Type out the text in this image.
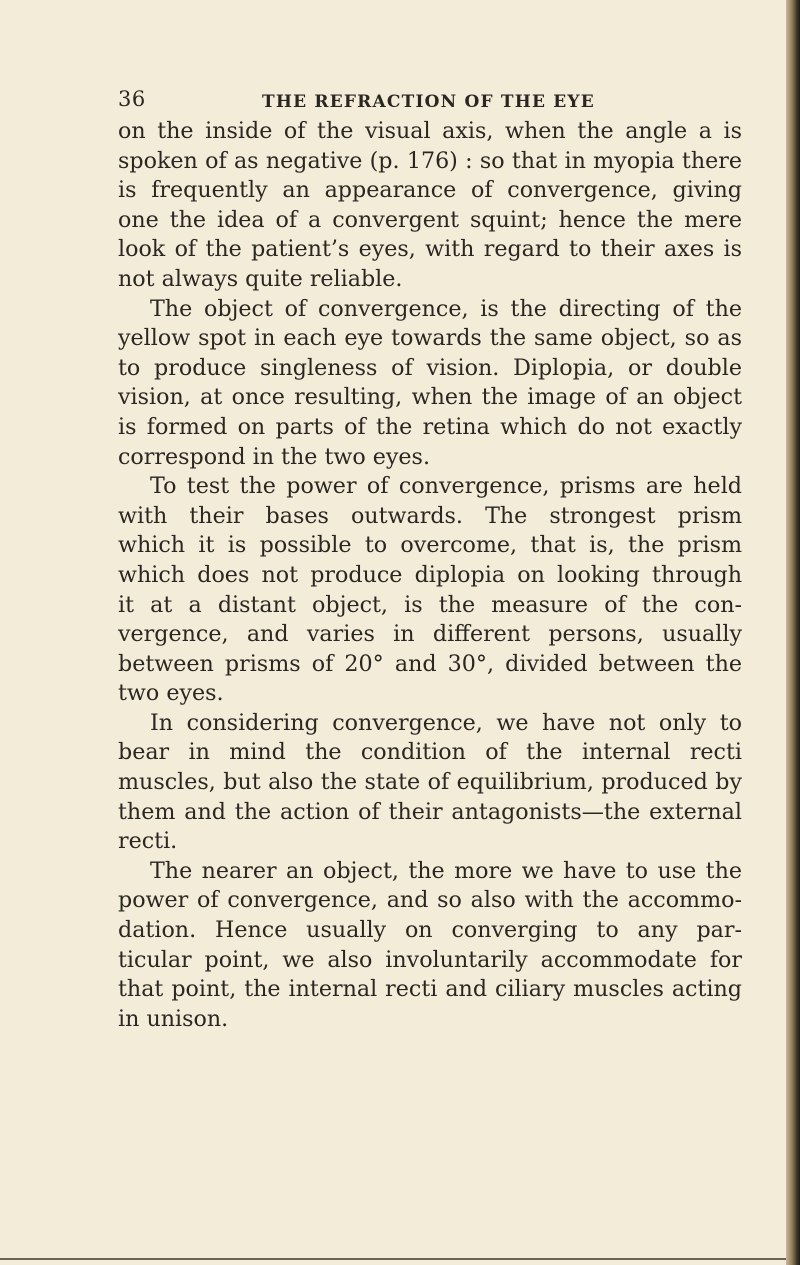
36	THE REFRACTION OF THE EYE
on the inside of the visual axis, when the angle a is
spoken of as negative (p. 176) : so that in myopia there
is frequently an appearance of convergence, giving
one the idea of a convergent squint; hence the mere
look of the patient’s eyes, with regard to their axes is
not always quite reliable.
The object of convergence, is the directing of the
yellow spot in each eye towards the same object, so as
to produce singleness of vision. Diplopia, or double
vision, at once resulting, when the image of an object
is formed on parts of the retina which do not exactly
correspond in the two eyes.
To test the power of convergence, prisms are held
with their bases outwards. The strongest prism
which it is possible to overcome, that is, the prism
which does not produce diplopia on looking through
it at a distant object, is the measure of the con-
vergence, and varies in different persons, usually
between prisms of 20° and 30°, divided between the
two eyes.
In considering convergence, we have not only to
bear in mind the condition of the internal recti
muscles, but also the state of equilibrium, produced by
them and the action of their antagonists—the external
recti.
The nearer an object, the more we have to use the
power of convergence, and so also with the accommo-
dation. Hence usually on converging to any par-
ticular point, we also involuntarily accommodate for
that point, the internal recti and ciliary muscles acting
in unison.
